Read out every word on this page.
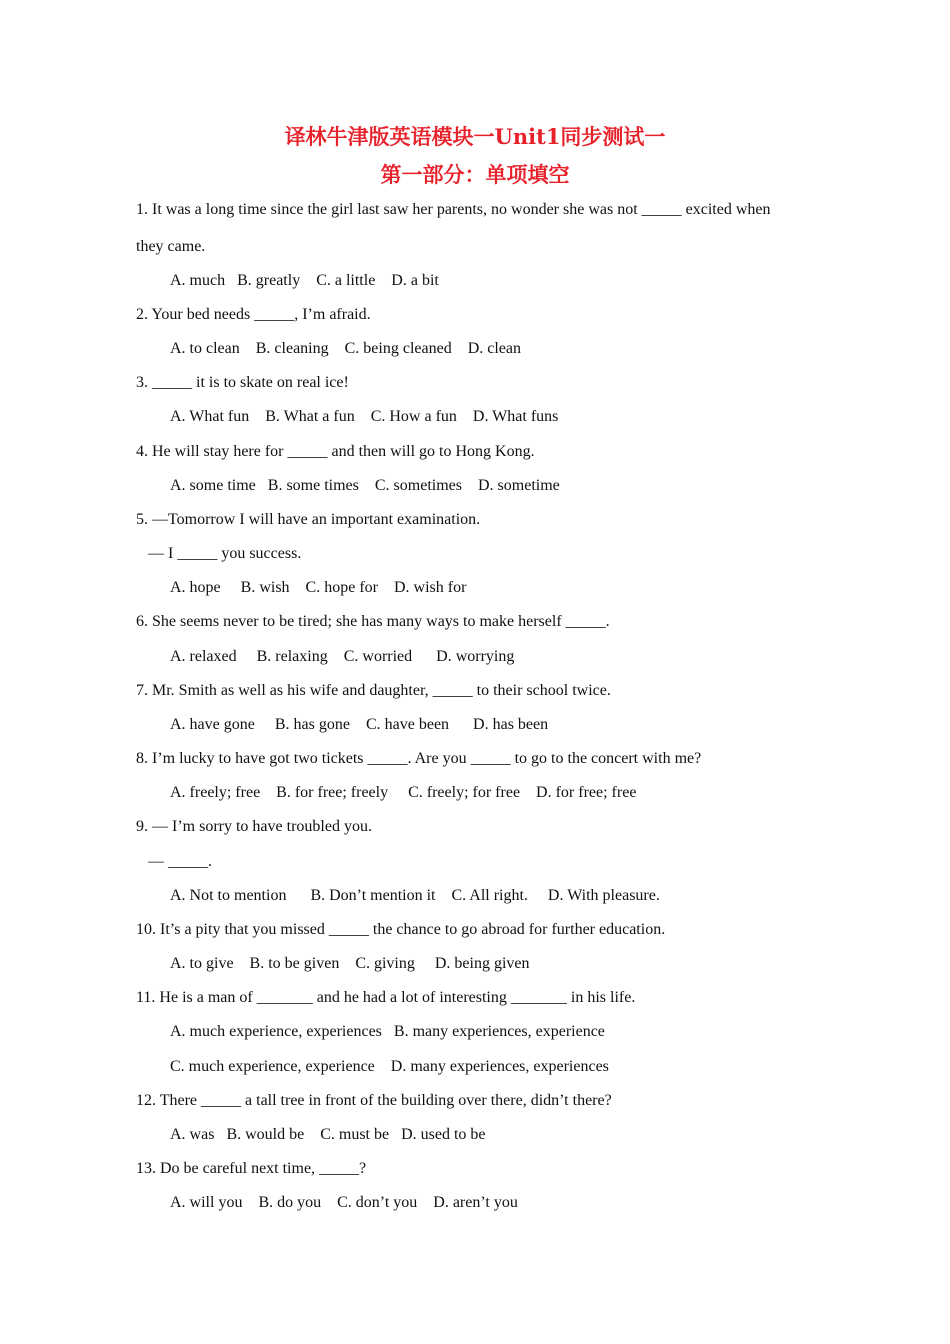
译林牛津版英语模块一Unit1同步测试一
第一部分：单项填空
1. It was a long time since the girl last saw her parents, no wonder she was not _____ excited when
they came.
A. much   B. greatly    C. a little    D. a bit
2. Your bed needs _____, I’m afraid.
A. to clean    B. cleaning    C. being cleaned    D. clean
3. _____ it is to skate on real ice!
A. What fun    B. What a fun    C. How a fun    D. What funs
4. He will stay here for _____ and then will go to Hong Kong.
A. some time   B. some times    C. sometimes    D. sometime
5. —Tomorrow I will have an important examination.
— I _____ you success.
A. hope     B. wish    C. hope for    D. wish for
6. She seems never to be tired; she has many ways to make herself _____.
A. relaxed     B. relaxing    C. worried      D. worrying
7. Mr. Smith as well as his wife and daughter, _____ to their school twice.
A. have gone     B. has gone    C. have been      D. has been
8. I’m lucky to have got two tickets _____. Are you _____ to go to the concert with me?
A. freely; free    B. for free; freely     C. freely; for free    D. for free; free
9. — I’m sorry to have troubled you.
— _____.
A. Not to mention      B. Don’t mention it    C. All right.     D. With pleasure.
10. It’s a pity that you missed _____ the chance to go abroad for further education.
A. to give    B. to be given    C. giving     D. being given
11. He is a man of _______ and he had a lot of interesting _______ in his life.
A. much experience, experiences   B. many experiences, experience
C. much experience, experience    D. many experiences, experiences
12. There _____ a tall tree in front of the building over there, didn’t there?
A. was   B. would be    C. must be   D. used to be
13. Do be careful next time, _____?
A. will you    B. do you    C. don’t you    D. aren’t you
